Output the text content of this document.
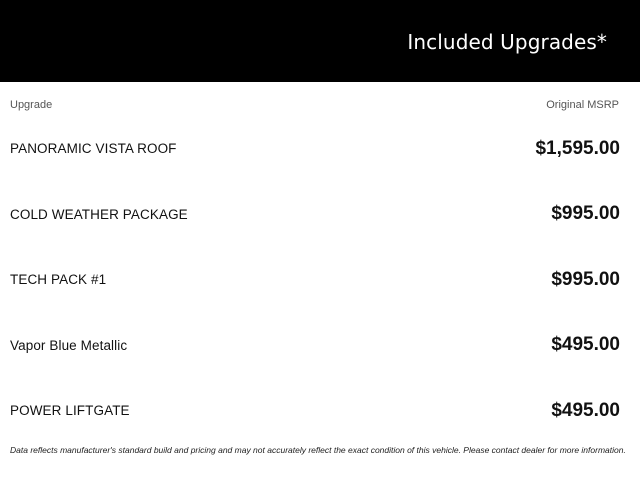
Included Upgrades*
Upgrade	Original MSRP
PANORAMIC VISTA ROOF	$1,595.00
COLD WEATHER PACKAGE	$995.00
TECH PACK #1	$995.00
Vapor Blue Metallic	$495.00
POWER LIFTGATE	$495.00
Data reflects manufacturer's standard build and pricing and may not accurately reflect the exact condition of this vehicle. Please contact dealer for more information.
